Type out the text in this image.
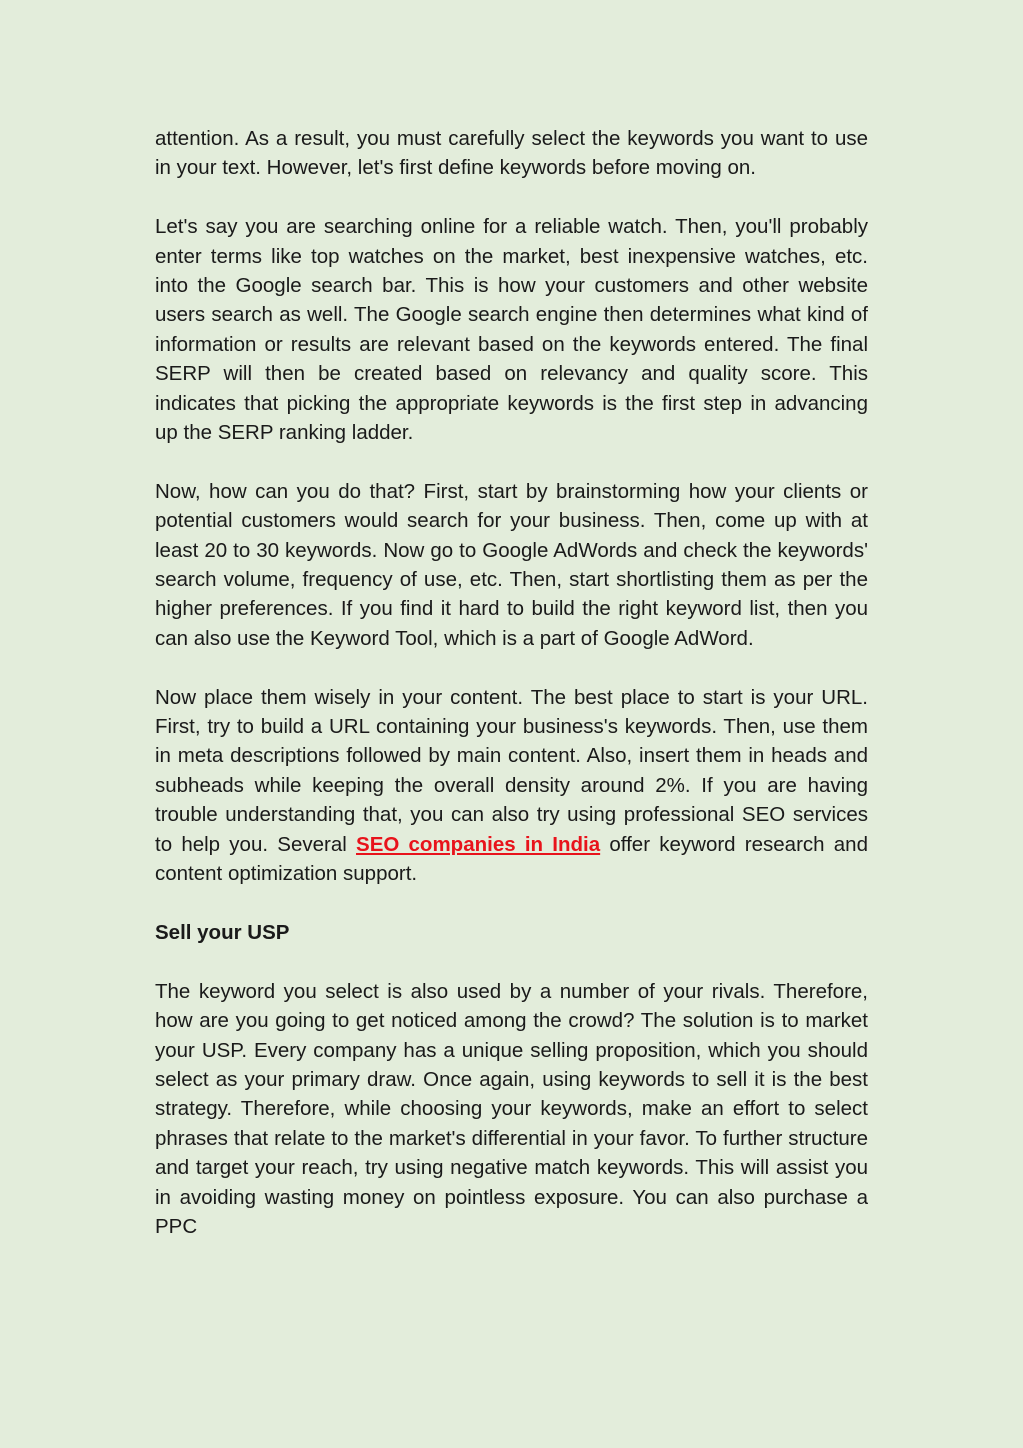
attention. As a result, you must carefully select the keywords you want to use in your text. However, let's first define keywords before moving on.

Let's say you are searching online for a reliable watch. Then, you'll probably enter terms like top watches on the market, best inexpensive watches, etc. into the Google search bar. This is how your customers and other website users search as well. The Google search engine then determines what kind of information or results are relevant based on the keywords entered. The final SERP will then be created based on relevancy and quality score. This indicates that picking the appropriate keywords is the first step in advancing up the SERP ranking ladder.

Now, how can you do that? First, start by brainstorming how your clients or potential customers would search for your business. Then, come up with at least 20 to 30 keywords. Now go to Google AdWords and check the keywords' search volume, frequency of use, etc. Then, start shortlisting them as per the higher preferences. If you find it hard to build the right keyword list, then you can also use the Keyword Tool, which is a part of Google AdWord.

Now place them wisely in your content. The best place to start is your URL. First, try to build a URL containing your business's keywords. Then, use them in meta descriptions followed by main content. Also, insert them in heads and subheads while keeping the overall density around 2%. If you are having trouble understanding that, you can also try using professional SEO services to help you. Several SEO companies in India offer keyword research and content optimization support.

Sell your USP

The keyword you select is also used by a number of your rivals. Therefore, how are you going to get noticed among the crowd? The solution is to market your USP. Every company has a unique selling proposition, which you should select as your primary draw. Once again, using keywords to sell it is the best strategy. Therefore, while choosing your keywords, make an effort to select phrases that relate to the market's differential in your favor. To further structure and target your reach, try using negative match keywords. This will assist you in avoiding wasting money on pointless exposure. You can also purchase a PPC
